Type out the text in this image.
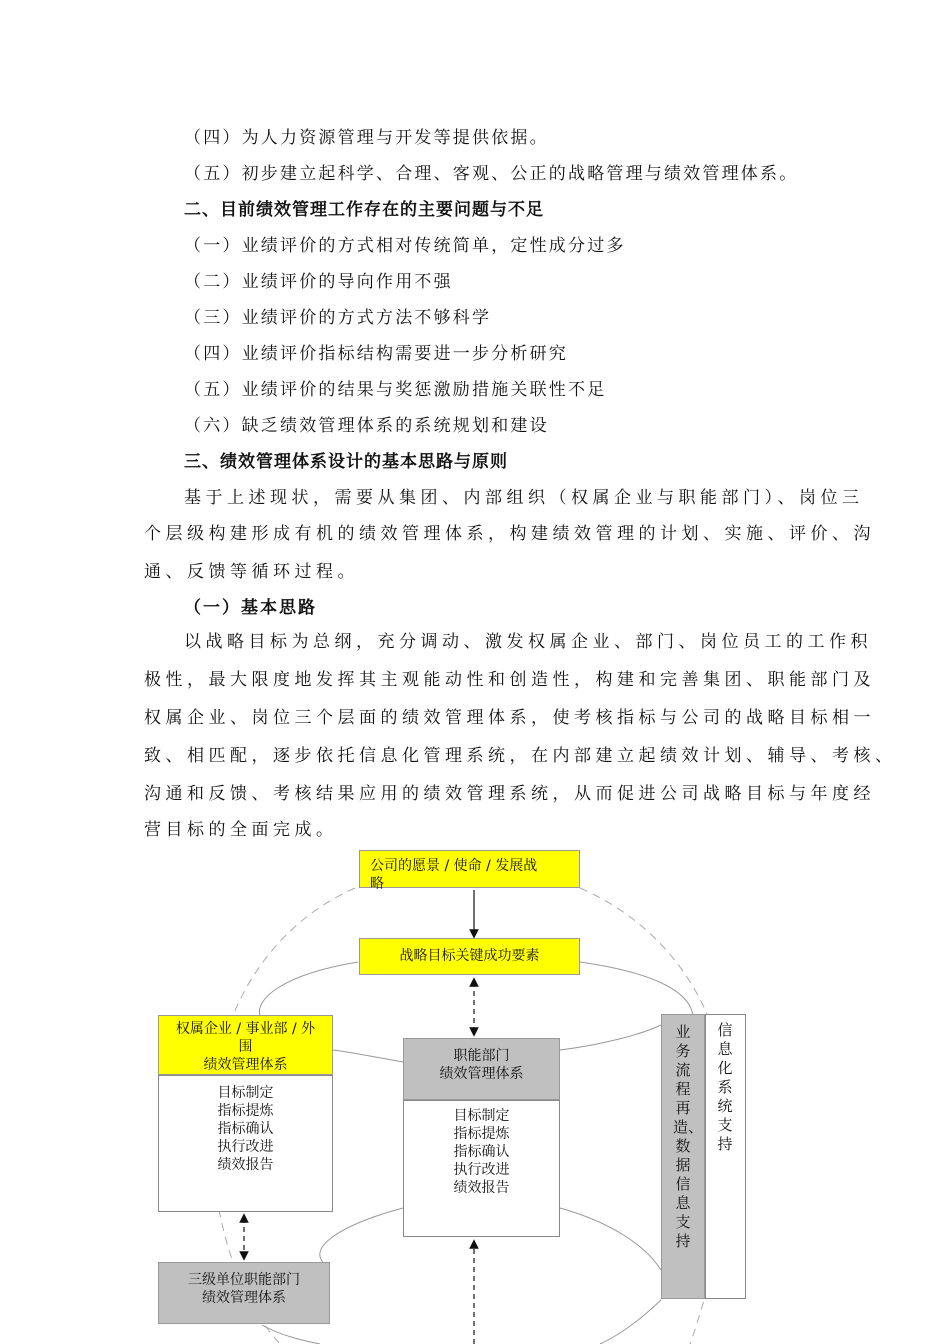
（四）为人力资源管理与开发等提供依据。
（五）初步建立起科学、合理、客观、公正的战略管理与绩效管理体系。
二、目前绩效管理工作存在的主要问题与不足
（一）业绩评价的方式相对传统简单，定性成分过多
（二）业绩评价的导向作用不强
（三）业绩评价的方式方法不够科学
（四）业绩评价指标结构需要进一步分析研究
（五）业绩评价的结果与奖惩激励措施关联性不足
（六）缺乏绩效管理体系的系统规划和建设
三、绩效管理体系设计的基本思路与原则
基于上述现状，需要从集团、内部组织（权属企业与职能部门）、岗位三
个层级构建形成有机的绩效管理体系，构建绩效管理的计划、实施、评价、沟
通、反馈等循环过程。
（一）基本思路
以战略目标为总纲，充分调动、激发权属企业、部门、岗位员工的工作积
极性，最大限度地发挥其主观能动性和创造性，构建和完善集团、职能部门及
权属企业、岗位三个层面的绩效管理体系，使考核指标与公司的战略目标相一
致、相匹配，逐步依托信息化管理系统，在内部建立起绩效计划、辅导、考核、
沟通和反馈、考核结果应用的绩效管理系统，从而促进公司战略目标与年度经
营目标的全面完成。
公司的愿景 / 使命 / 发展战
略
战略目标关键成功要素
权属企业 / 事业部 / 外
围
绩效管理体系
目标制定
指标提炼
指标确认
执行改进
绩效报告
职能部门
绩效管理体系
目标制定
指标提炼
指标确认
执行改进
绩效报告
三级单位职能部门
绩效管理体系
业务流程再造、数据信息支持
信息化系统支持
